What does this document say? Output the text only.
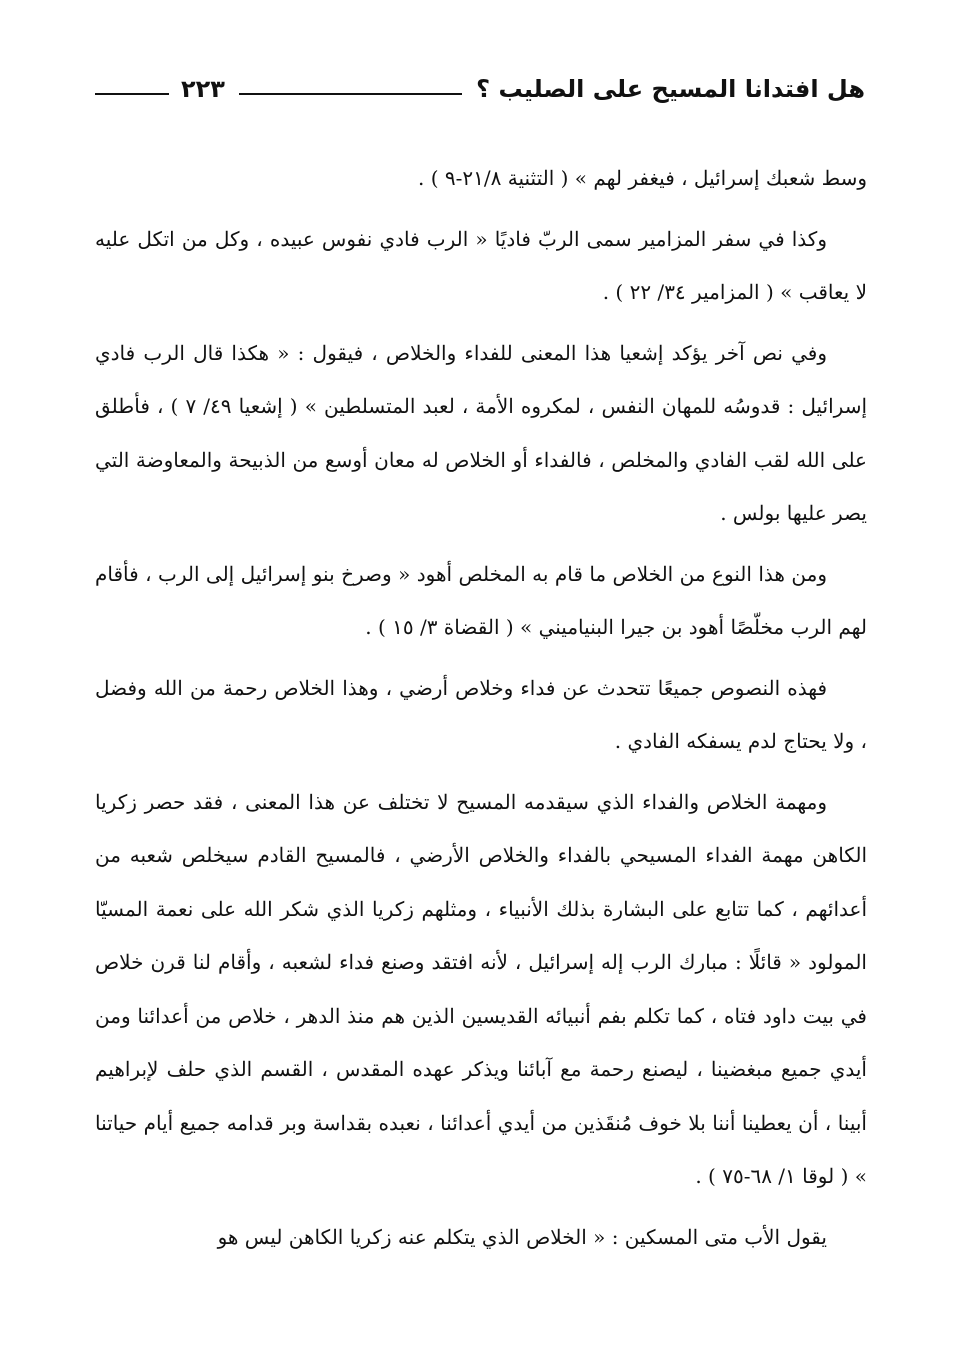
هل افتدانا المسيح على الصليب ؟
٢٢٣

وسط شعبك إسرائيل ، فيغفر لهم » ( التثنية ٢١/٨-٩ ) .

وكذا في سفر المزامير سمى الربّ فاديًا « الرب فادي نفوس عبيده ، وكل من اتكل عليه لا يعاقب » ( المزامير ٣٤/ ٢٢ ) .

وفي نص آخر يؤكد إشعيا هذا المعنى للفداء والخلاص ، فيقول : « هكذا قال الرب فادي إسرائيل : قدوسُه للمهان النفس ، لمكروه الأمة ، لعبد المتسلطين » ( إشعيا ٤٩/ ٧ ) ، فأطلق على الله لقب الفادي والمخلص ، فالفداء أو الخلاص له معان أوسع من الذبيحة والمعاوضة التي يصر عليها بولس .

ومن هذا النوع من الخلاص ما قام به المخلص أهود « وصرخ بنو إسرائيل إلى الرب ، فأقام لهم الرب مخلّصًا أهود بن جيرا البنياميني » ( القضاة ٣/ ١٥ ) .

فهذه النصوص جميعًا تتحدث عن فداء وخلاص أرضي ، وهذا الخلاص رحمة من الله وفضل ، ولا يحتاج لدم يسفكه الفادي .

ومهمة الخلاص والفداء الذي سيقدمه المسيح لا تختلف عن هذا المعنى ، فقد حصر زكريا الكاهن مهمة الفداء المسيحي بالفداء والخلاص الأرضي ، فالمسيح القادم سيخلص شعبه من أعدائهم ، كما تتابع على البشارة بذلك الأنبياء ، ومثلهم زكريا الذي شكر الله على نعمة المسيّا المولود « قائلًا : مبارك الرب إله إسرائيل ، لأنه افتقد وصنع فداء لشعبه ، وأقام لنا قرن خلاص في بيت داود فتاه ، كما تكلم بفم أنبيائه القديسين الذين هم منذ الدهر ، خلاص من أعدائنا ومن أيدي جميع مبغضينا ، ليصنع رحمة مع آبائنا ويذكر عهده المقدس ، القسم الذي حلف لإبراهيم أبينا ، أن يعطينا أننا بلا خوف مُنقَذين من أيدي أعدائنا ، نعبده بقداسة وبر قدامه جميع أيام حياتنا » ( لوقا ١/ ٦٨-٧٥ ) .

يقول الأب متى المسكين : « الخلاص الذي يتكلم عنه زكريا الكاهن ليس هو
